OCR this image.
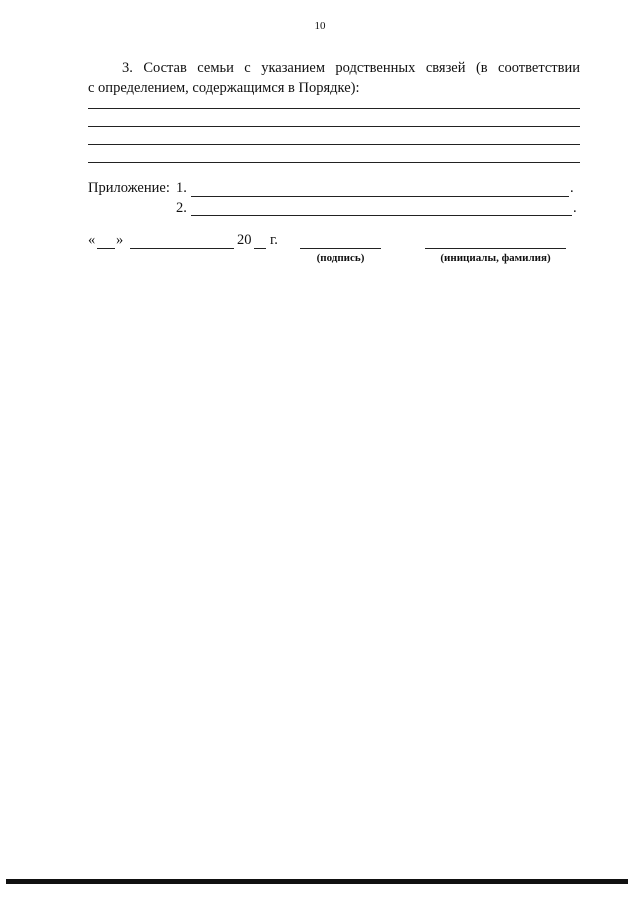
10
3. Состав семьи с указанием родственных связей (в соответствии
с определением, содержащимся в Порядке):
Приложение: 1.	.
2.	.
« »	20 г.
(подпись)	(инициалы, фамилия)
